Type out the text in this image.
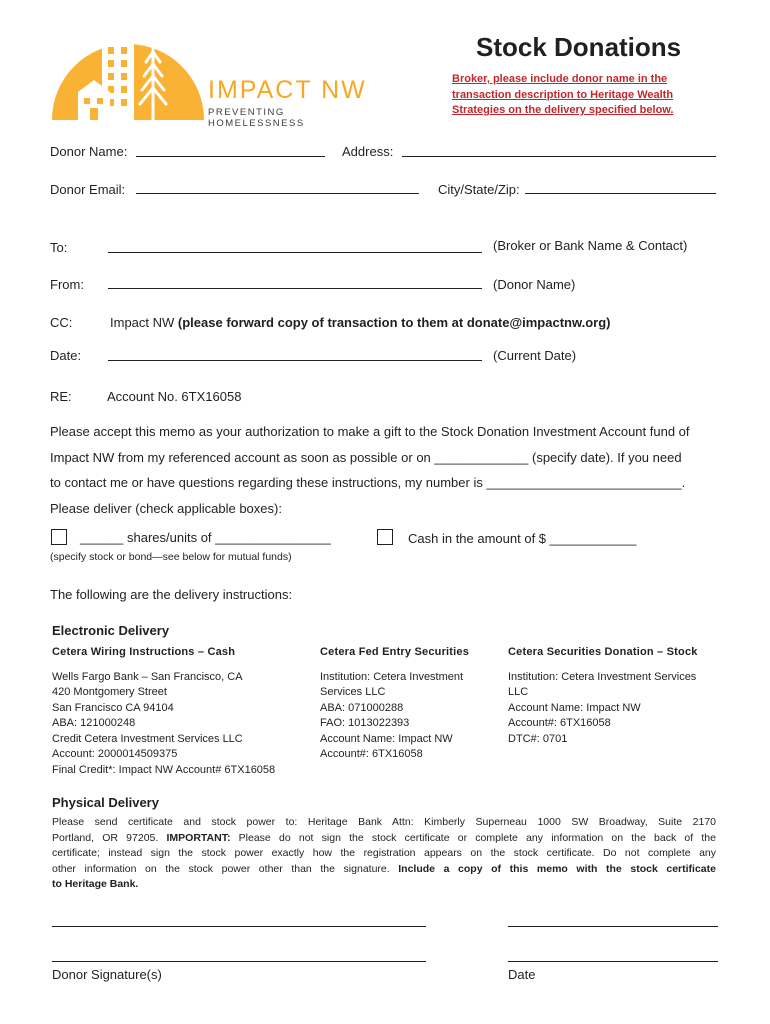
IMPACT NW
PREVENTING HOMELESSNESS
Stock Donations
Broker, please include donor name in the
transaction description to Heritage Wealth
Strategies on the delivery specified below.
Donor Name:	Address:
Donor Email:	City/State/Zip:
To:	(Broker or Bank Name & Contact)
From:	(Donor Name)
CC:	Impact NW (please forward copy of transaction to them at donate@impactnw.org)
Date:	(Current Date)
RE:	Account No. 6TX16058
Please accept this memo as your authorization to make a gift to the Stock Donation Investment Account fund of
Impact NW from my referenced account as soon as possible or on _____________ (specify date). If you need
to contact me or have questions regarding these instructions, my number is ___________________________.
Please deliver (check applicable boxes):
______ shares/units of ________________
(specify stock or bond—see below for mutual funds)
Cash in the amount of $ ____________
The following are the delivery instructions:
Electronic Delivery
Cetera Wiring Instructions – Cash
Wells Fargo Bank – San Francisco, CA
420 Montgomery Street
San Francisco CA 94104
ABA: 121000248
Credit Cetera Investment Services LLC
Account: 2000014509375
Final Credit*: Impact NW Account# 6TX16058
Cetera Fed Entry Securities
Institution: Cetera Investment
Services LLC
ABA: 071000288
FAO: 1013022393
Account Name: Impact NW
Account#: 6TX16058
Cetera Securities Donation – Stock
Institution: Cetera Investment Services
LLC
Account Name: Impact NW
Account#: 6TX16058
DTC#: 0701
Physical Delivery
Please send certificate and stock power to: Heritage Bank Attn: Kimberly Superneau 1000 SW Broadway, Suite 2170
Portland, OR 97205. IMPORTANT: Please do not sign the stock certificate or complete any information on the back of the
certificate; instead sign the stock power exactly how the registration appears on the stock certificate. Do not complete any
other information on the stock power other than the signature. Include a copy of this memo with the stock certificate
to Heritage Bank.
Donor Signature(s)	Date
